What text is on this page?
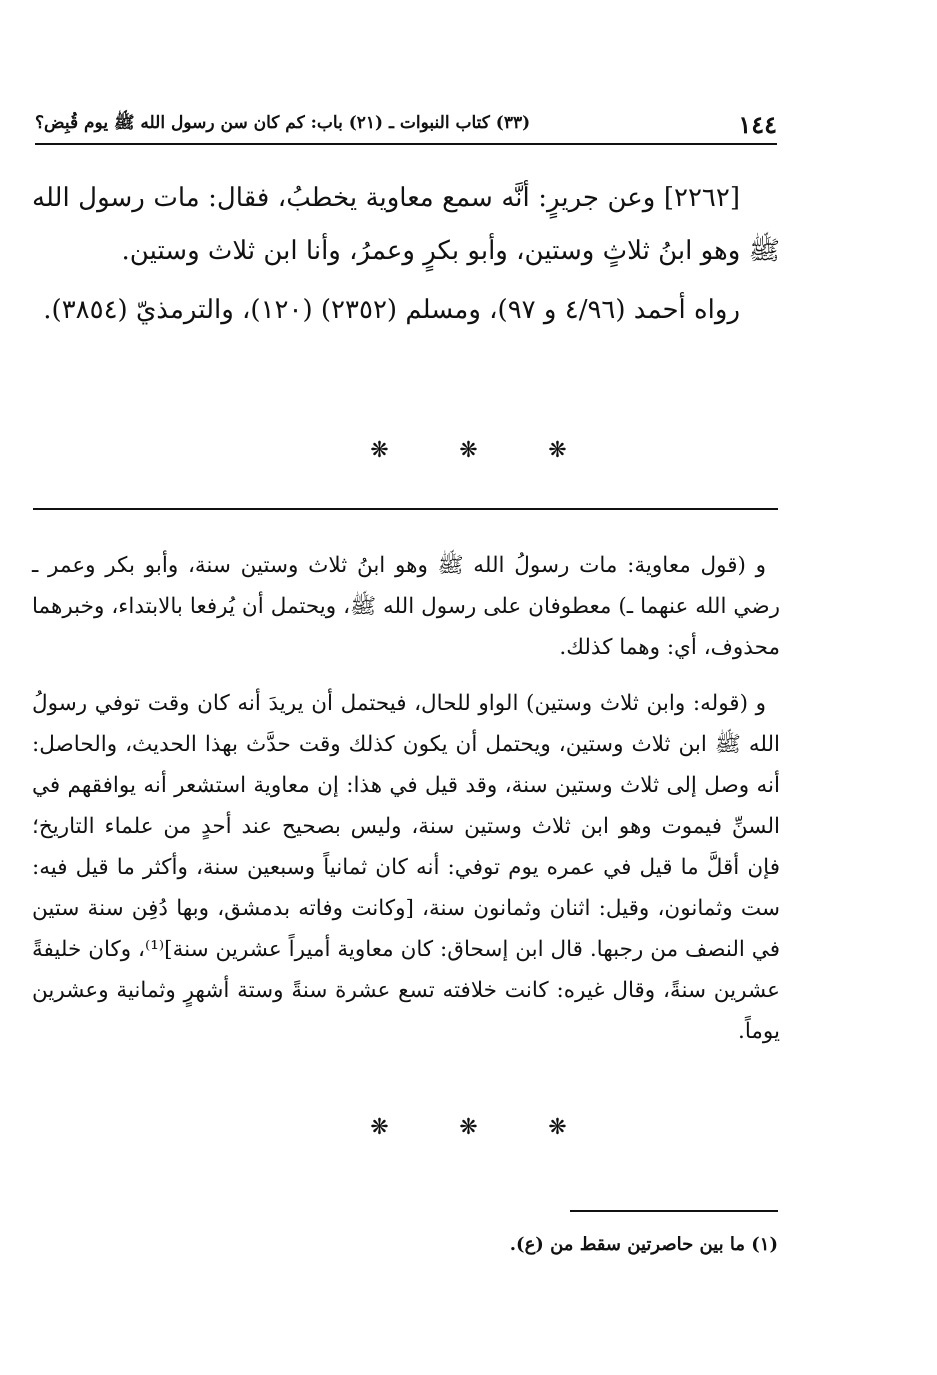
١٤٤
(٣٣) كتاب النبوات ـ (٢١) باب: كم كان سن رسول الله ﷺ يوم قُبِض؟

[٢٢٦٢] وعن جريرٍ: أنَّه سمع معاوية يخطبُ، فقال: مات رسول الله ﷺ وهو ابنُ ثلاثٍ وستين، وأبو بكرٍ وعمرُ، وأنا ابن ثلاث وستين.

رواه أحمد (٤/٩٦ و ٩٧)، ومسلم (٢٣٥٢) (١٢٠)، والترمذيّ (٣٨٥٤).

❋	❋	❋

و (قول معاوية: مات رسولُ الله ﷺ وهو ابنُ ثلاث وستين سنة، وأبو بكر وعمر ـ رضي الله عنهما ـ) معطوفان على رسول الله ﷺ، ويحتمل أن يُرفعا بالابتداء، وخبرهما محذوف، أي: وهما كذلك.

و (قوله: وابن ثلاث وستين) الواو للحال، فيحتمل أن يريدَ أنه كان وقت توفي رسولُ الله ﷺ ابن ثلاث وستين، ويحتمل أن يكون كذلك وقت حدَّث بهذا الحديث، والحاصل: أنه وصل إلى ثلاث وستين سنة، وقد قيل في هذا: إن معاوية استشعر أنه يوافقهم في السنِّ فيموت وهو ابن ثلاث وستين سنة، وليس بصحيح عند أحدٍ من علماء التاريخ؛ فإن أقلَّ ما قيل في عمره يوم توفي: أنه كان ثمانياً وسبعين سنة، وأكثر ما قيل فيه: ست وثمانون، وقيل: اثنان وثمانون سنة، [وكانت وفاته بدمشق، وبها دُفِن سنة ستين في النصف من رجبها. قال ابن إسحاق: كان معاوية أميراً عشرين سنة]⁽¹⁾، وكان خليفةً عشرين سنةً، وقال غيره: كانت خلافته تسع عشرة سنةً وستة أشهرٍ وثمانية وعشرين يوماً.

❋	❋	❋
(١) ما بين حاصرتين سقط من (ع).
